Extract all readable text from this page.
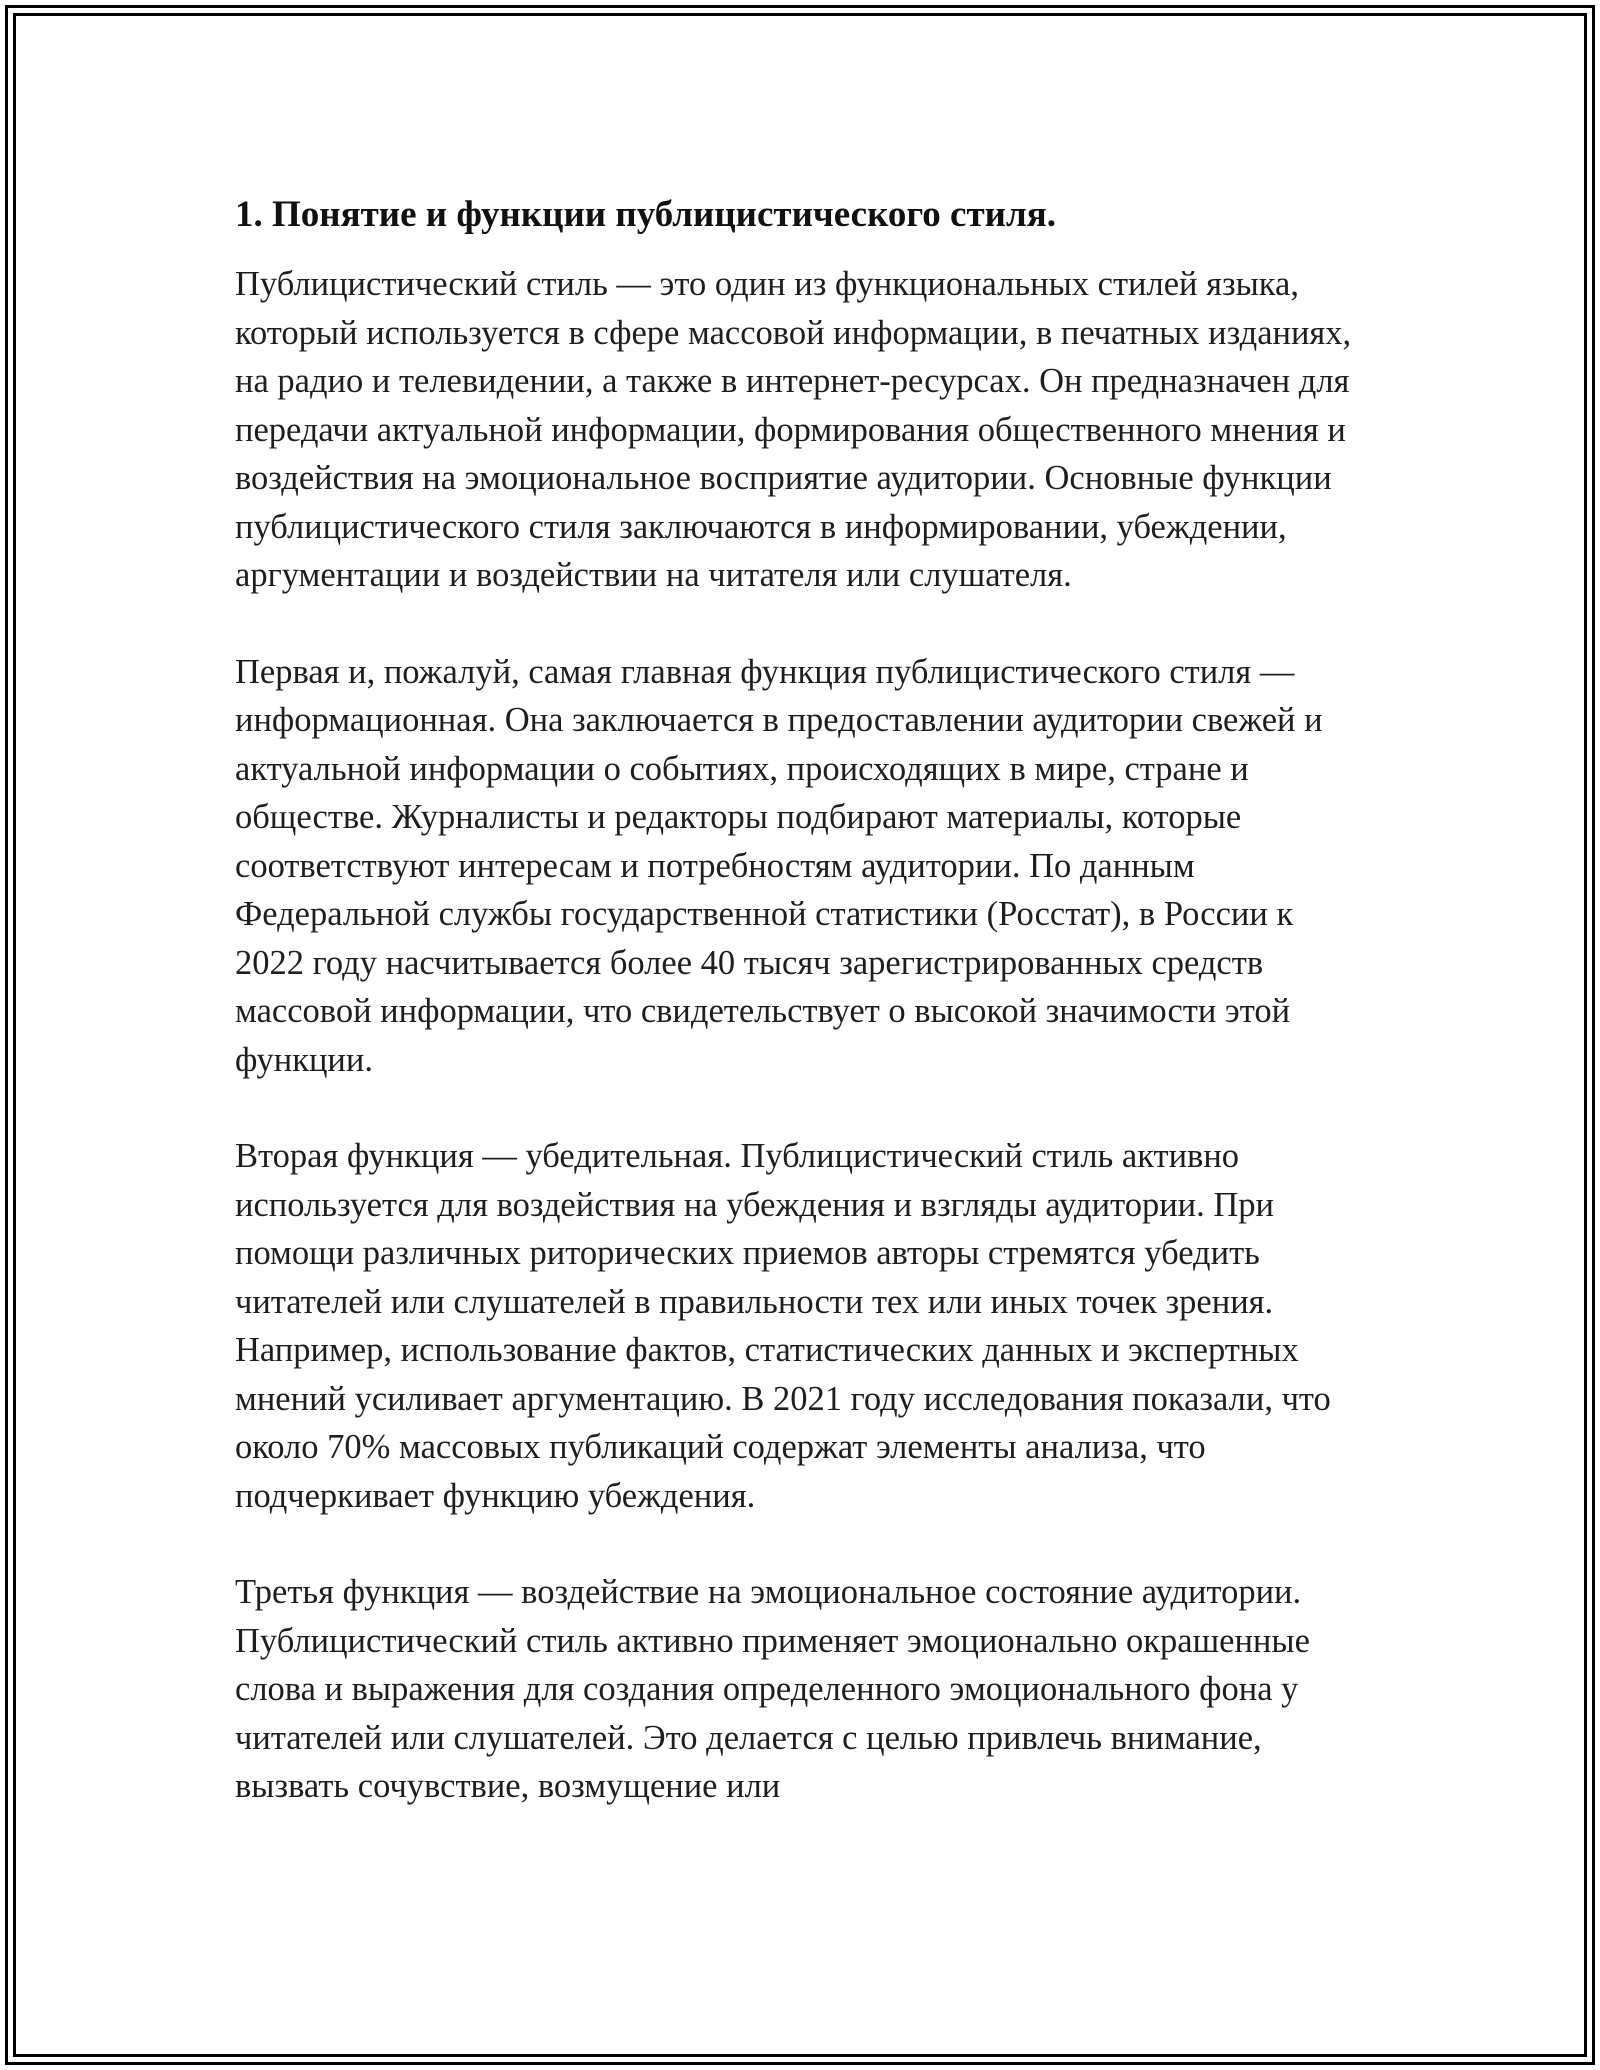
1. Понятие и функции публицистического стиля.

Публицистический стиль — это один из функциональных стилей языка, который используется в сфере массовой информации, в печатных изданиях, на радио и телевидении, а также в интернет-ресурсах. Он предназначен для передачи актуальной информации, формирования общественного мнения и воздействия на эмоциональное восприятие аудитории. Основные функции публицистического стиля заключаются в информировании, убеждении, аргументации и воздействии на читателя или слушателя.

Первая и, пожалуй, самая главная функция публицистического стиля — информационная. Она заключается в предоставлении аудитории свежей и актуальной информации о событиях, происходящих в мире, стране и обществе. Журналисты и редакторы подбирают материалы, которые соответствуют интересам и потребностям аудитории. По данным Федеральной службы государственной статистики (Росстат), в России к 2022 году насчитывается более 40 тысяч зарегистрированных средств массовой информации, что свидетельствует о высокой значимости этой функции.

Вторая функция — убедительная. Публицистический стиль активно используется для воздействия на убеждения и взгляды аудитории. При помощи различных риторических приемов авторы стремятся убедить читателей или слушателей в правильности тех или иных точек зрения. Например, использование фактов, статистических данных и экспертных мнений усиливает аргументацию. В 2021 году исследования показали, что около 70% массовых публикаций содержат элементы анализа, что подчеркивает функцию убеждения.

Третья функция — воздействие на эмоциональное состояние аудитории. Публицистический стиль активно применяет эмоционально окрашенные слова и выражения для создания определенного эмоционального фона у читателей или слушателей. Это делается с целью привлечь внимание, вызвать сочувствие, возмущение или
